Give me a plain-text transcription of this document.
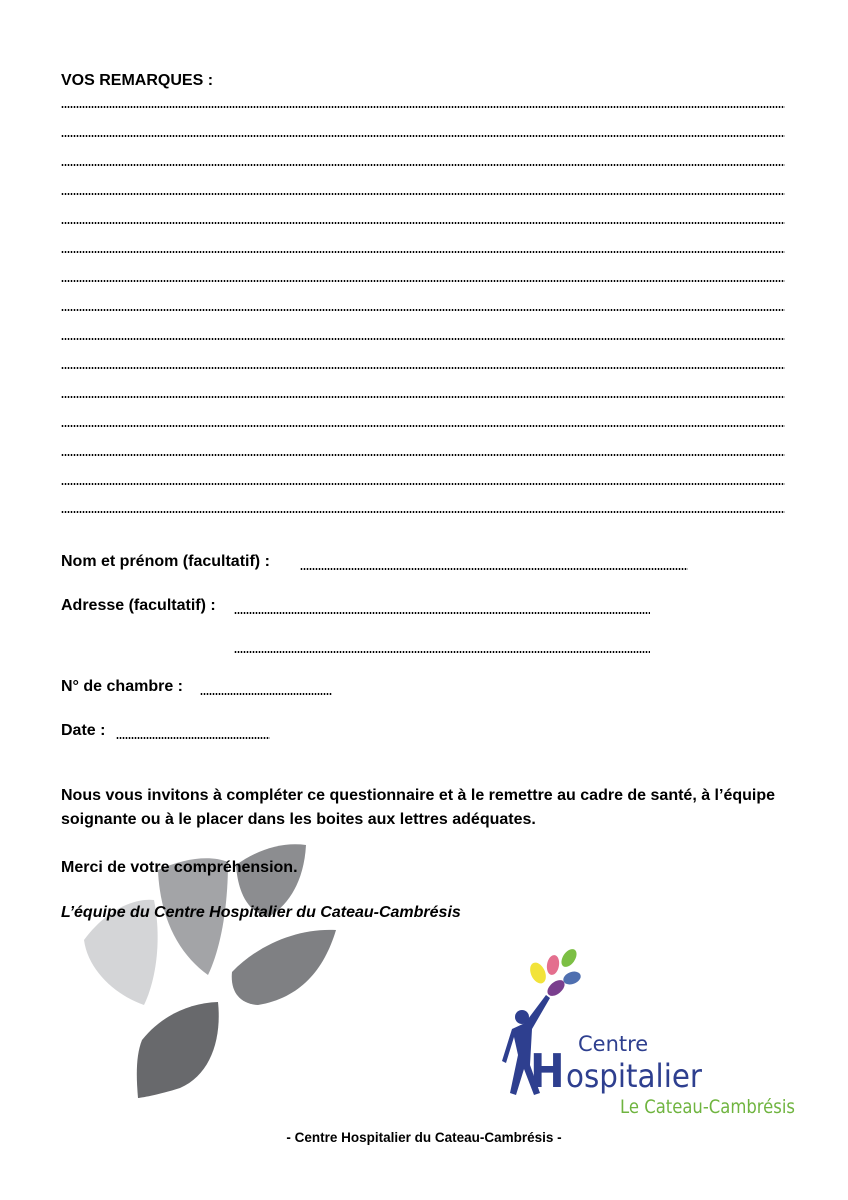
VOS REMARQUES :
Nom et prénom (facultatif) :
Adresse (facultatif) :
N° de chambre :
Date :
Nous vous invitons à compléter ce questionnaire et à le remettre au cadre de santé, à l’équipe soignante ou à le placer dans les boites aux lettres adéquates.
Merci de votre compréhension.
L’équipe du Centre Hospitalier du Cateau-Cambrésis
Centre
H ospitalier
Le Cateau-Cambrésis
- Centre Hospitalier du Cateau-Cambrésis -
